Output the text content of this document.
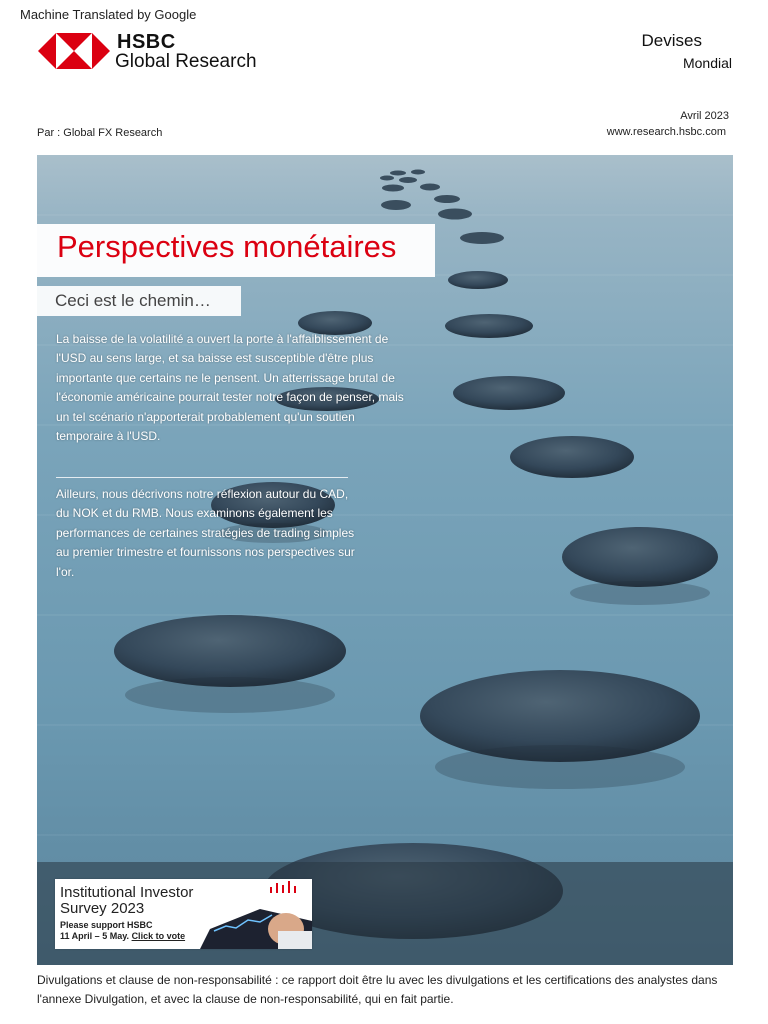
Machine Translated by Google
HSBC
Global Research
Devises
Mondial
Avril 2023
Par : Global FX Research	www.research.hsbc.com
Perspectives monétaires
Ceci est le chemin…
La baisse de la volatilité a ouvert la porte à l'affaiblissement de l'USD au sens large, et sa baisse est susceptible d'être plus importante que certains ne le pensent. Un atterrissage brutal de l'économie américaine pourrait tester notre façon de penser, mais un tel scénario n'apporterait probablement qu'un soutien temporaire à l'USD.
Ailleurs, nous décrivons notre réflexion autour du CAD, du NOK et du RMB. Nous examinons également les performances de certaines stratégies de trading simples au premier trimestre et fournissons nos perspectives sur l'or.
Institutional Investor
Survey 2023
Please support HSBC
11 April – 5 May. Click to vote
Divulgations et clause de non-responsabilité : ce rapport doit être lu avec les divulgations et les certifications des analystes dans l'annexe Divulgation, et avec la clause de non-responsabilité, qui en fait partie.
